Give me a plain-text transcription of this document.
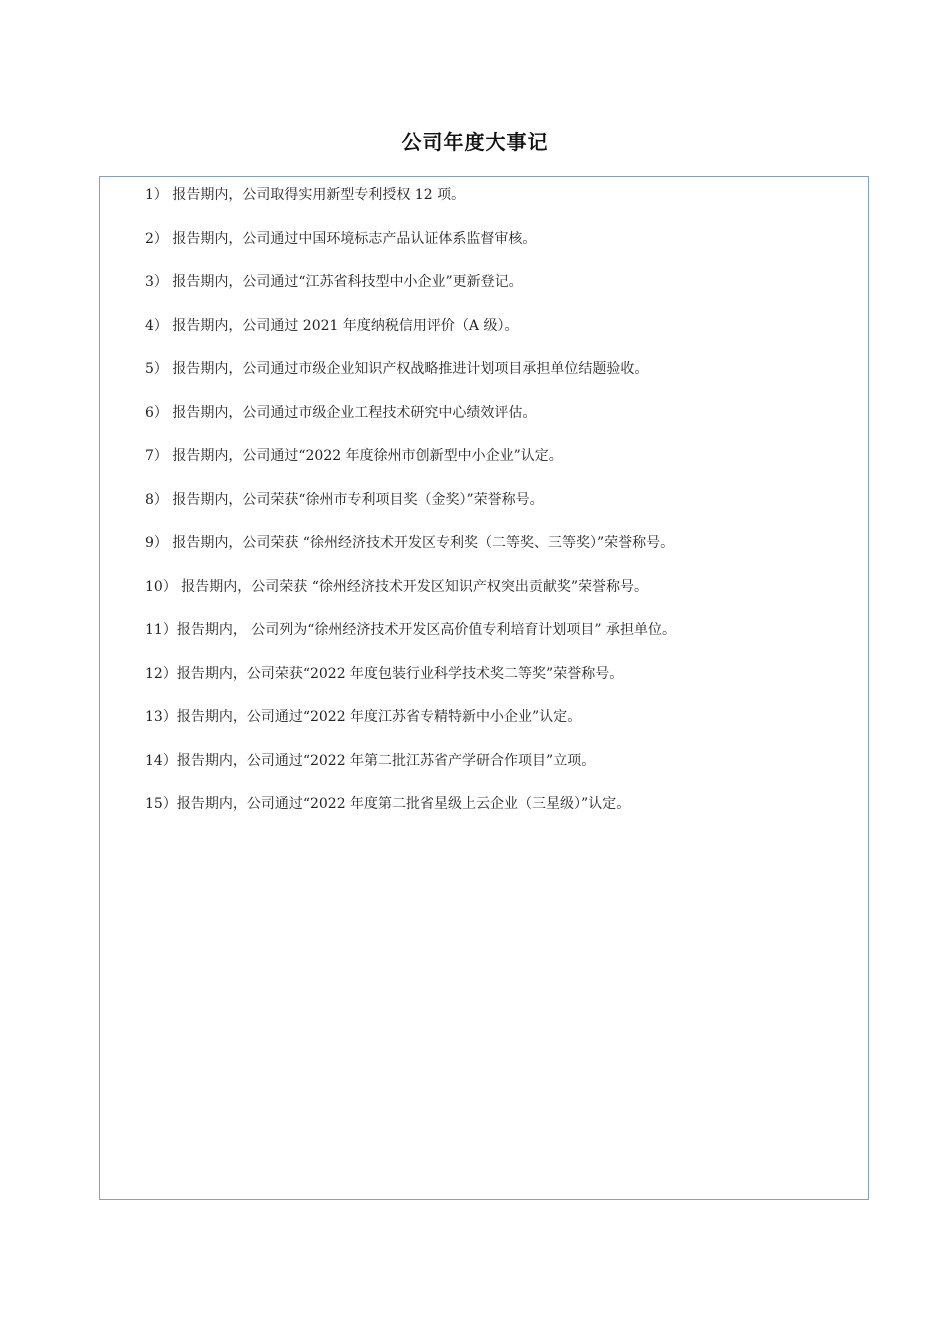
公司年度大事记
1） 报告期内，公司取得实用新型专利授权 12 项。
2） 报告期内，公司通过中国环境标志产品认证体系监督审核。
3） 报告期内，公司通过“江苏省科技型中小企业”更新登记。
4） 报告期内，公司通过 2021 年度纳税信用评价（A 级）。
5） 报告期内，公司通过市级企业知识产权战略推进计划项目承担单位结题验收。
6） 报告期内，公司通过市级企业工程技术研究中心绩效评估。
7） 报告期内，公司通过“2022 年度徐州市创新型中小企业”认定。
8） 报告期内，公司荣获“徐州市专利项目奖（金奖）”荣誉称号。
9） 报告期内，公司荣获 “徐州经济技术开发区专利奖（二等奖、三等奖）”荣誉称号。
10） 报告期内，公司荣获 “徐州经济技术开发区知识产权突出贡献奖”荣誉称号。
11）报告期内， 公司列为“徐州经济技术开发区高价值专利培育计划项目” 承担单位。
12）报告期内，公司荣获“2022 年度包装行业科学技术奖二等奖”荣誉称号。
13）报告期内，公司通过“2022 年度江苏省专精特新中小企业”认定。
14）报告期内，公司通过“2022 年第二批江苏省产学研合作项目”立项。
15）报告期内，公司通过“2022 年度第二批省星级上云企业（三星级）”认定。
